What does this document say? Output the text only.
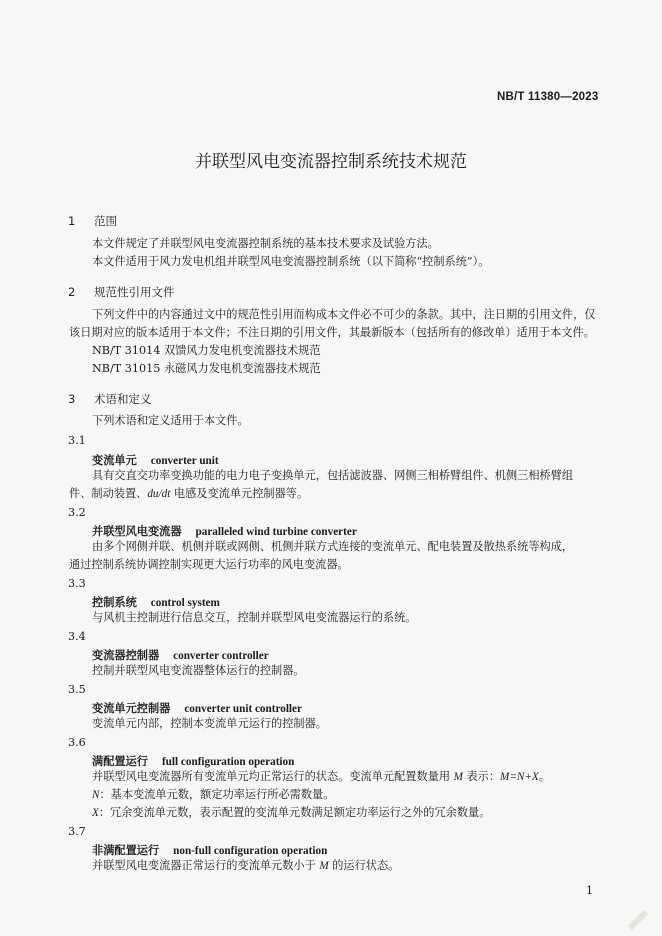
NB/T 11380—2023
并联型风电变流器控制系统技术规范
1 范围
本文件规定了并联型风电变流器控制系统的基本技术要求及试验方法。
本文件适用于风力发电机组并联型风电变流器控制系统（以下简称“控制系统”）。
2 规范性引用文件
下列文件中的内容通过文中的规范性引用而构成本文件必不可少的条款。其中，注日期的引用文件，仅
该日期对应的版本适用于本文件；不注日期的引用文件，其最新版本（包括所有的修改单）适用于本文件。
NB/T 31014 双馈风力发电机变流器技术规范
NB/T 31015 永磁风力发电机变流器技术规范
3 术语和定义
下列术语和定义适用于本文件。
3.1
变流单元 converter unit
具有交直交功率变换功能的电力电子变换单元，包括滤波器、网侧三相桥臂组件、机侧三相桥臂组
件、制动装置、du/dt 电感及变流单元控制器等。
3.2
并联型风电变流器 paralleled wind turbine converter
由多个网侧并联、机侧并联或网侧、机侧并联方式连接的变流单元、配电装置及散热系统等构成，
通过控制系统协调控制实现更大运行功率的风电变流器。
3.3
控制系统 control system
与风机主控制进行信息交互，控制并联型风电变流器运行的系统。
3.4
变流器控制器 converter controller
控制并联型风电变流器整体运行的控制器。
3.5
变流单元控制器 converter unit controller
变流单元内部，控制本变流单元运行的控制器。
3.6
满配置运行 full configuration operation
并联型风电变流器所有变流单元均正常运行的状态。变流单元配置数量用 M 表示：M=N+X。
N：基本变流单元数，额定功率运行所必需数量。
X：冗余变流单元数，表示配置的变流单元数满足额定功率运行之外的冗余数量。
3.7
非满配置运行 non-full configuration operation
并联型风电变流器正常运行的变流单元数小于 M 的运行状态。
1
